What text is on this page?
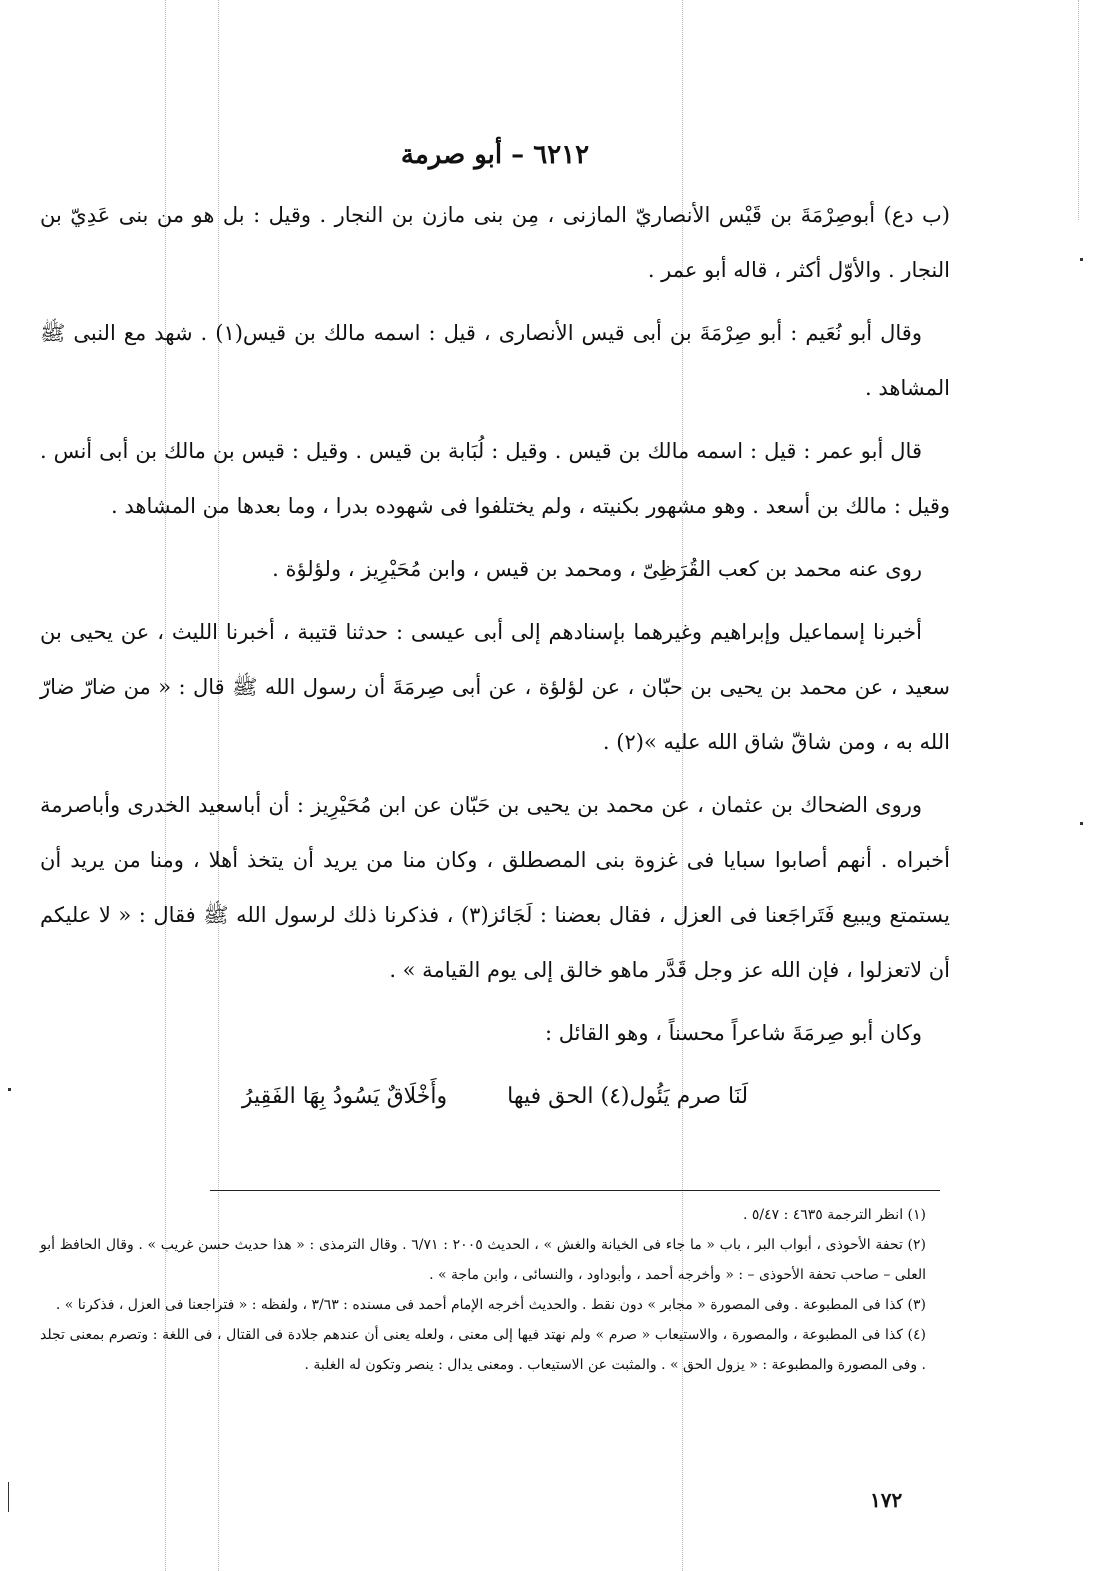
٦٢١٢ – أبو صرمة

(ب دع) أبوصِرْمَةَ بن قَيْس الأنصاريّ المازنى ، مِن بنى مازن بن النجار . وقيل : بل هو من بنى عَدِيّ بن النجار . والأوّل أكثر ، قاله أبو عمر .

وقال أبو نُعَيم : أبو صِرْمَةَ بن أبى قيس الأنصارى ، قيل : اسمه مالك بن قيس(١) . شهد مع النبى ﷺ المشاهد .

قال أبو عمر : قيل : اسمه مالك بن قيس . وقيل : لُبَابة بن قيس . وقيل : قيس بن مالك بن أبى أنس . وقيل : مالك بن أسعد . وهو مشهور بكنيته ، ولم يختلفوا فى شهوده بدرا ، وما بعدها من المشاهد .

روى عنه محمد بن كعب القُرَظِىّ ، ومحمد بن قيس ، وابن مُحَيْرِيز ، ولؤلؤة .

أخبرنا إسماعيل وإبراهيم وغيرهما بإسنادهم إلى أبى عيسى : حدثنا قتيبة ، أخبرنا الليث ، عن يحيى بن سعيد ، عن محمد بن يحيى بن حبّان ، عن لؤلؤة ، عن أبى صِرمَةَ أن رسول الله ﷺ قال : « من ضارّ ضارّ الله به ، ومن شاقّ شاق الله عليه »(٢) .

وروى الضحاك بن عثمان ، عن محمد بن يحيى بن حَبّان عن ابن مُحَيْرِيز : أن أباسعيد الخدرى وأباصرمة أخبراه . أنهم أصابوا سبايا فى غزوة بنى المصطلق ، وكان منا من يريد أن يتخذ أهلا ، ومنا من يريد أن يستمتع ويبيع فَتَراجَعنا فى العزل ، فقال بعضنا : لَجَائز(٣) ، فذكرنا ذلك لرسول الله ﷺ فقال : « لا عليكم أن لاتعزلوا ، فإن الله عز وجل قَدَّر ماهو خالق إلى يوم القيامة » .

وكان أبو صِرمَةَ شاعراً محسناً ، وهو القائل :

لَنَا صرم يَئُول(٤) الحق فيها
وأَخْلَاقٌ يَسُودُ بِهَا الفَقِيرُ

(١) انظر الترجمة ٤٦٣٥ : ٥/٤٧ .

(٢) تحفة الأحوذى ، أبواب البر ، باب « ما جاء فى الخيانة والغش » ، الحديث ٢٠٠٥ : ٦/٧١ . وقال الترمذى : « هذا حديث حسن غريب » . وقال الحافظ أبو العلى – صاحب تحفة الأحوذى – : « وأخرجه أحمد ، وأبوداود ، والنسائى ، وابن ماجة » .

(٣) كذا فى المطبوعة . وفى المصورة « مجابر » دون نقط . والحديث أخرجه الإمام أحمد فى مسنده : ٣/٦٣ ، ولفظه : « فتراجعنا فى العزل ، فذكرنا » .

(٤) كذا فى المطبوعة ، والمصورة ، والاستيعاب « صرم » ولم نهتد فيها إلى معنى ، ولعله يعنى أن عندهم جلادة فى القتال ، فى اللغة : وتصرم بمعنى تجلد . وفى المصورة والمطبوعة : « يزول الحق » . والمثبت عن الاستيعاب . ومعنى يدال : ينصر وتكون له الغلبة .

١٧٢
